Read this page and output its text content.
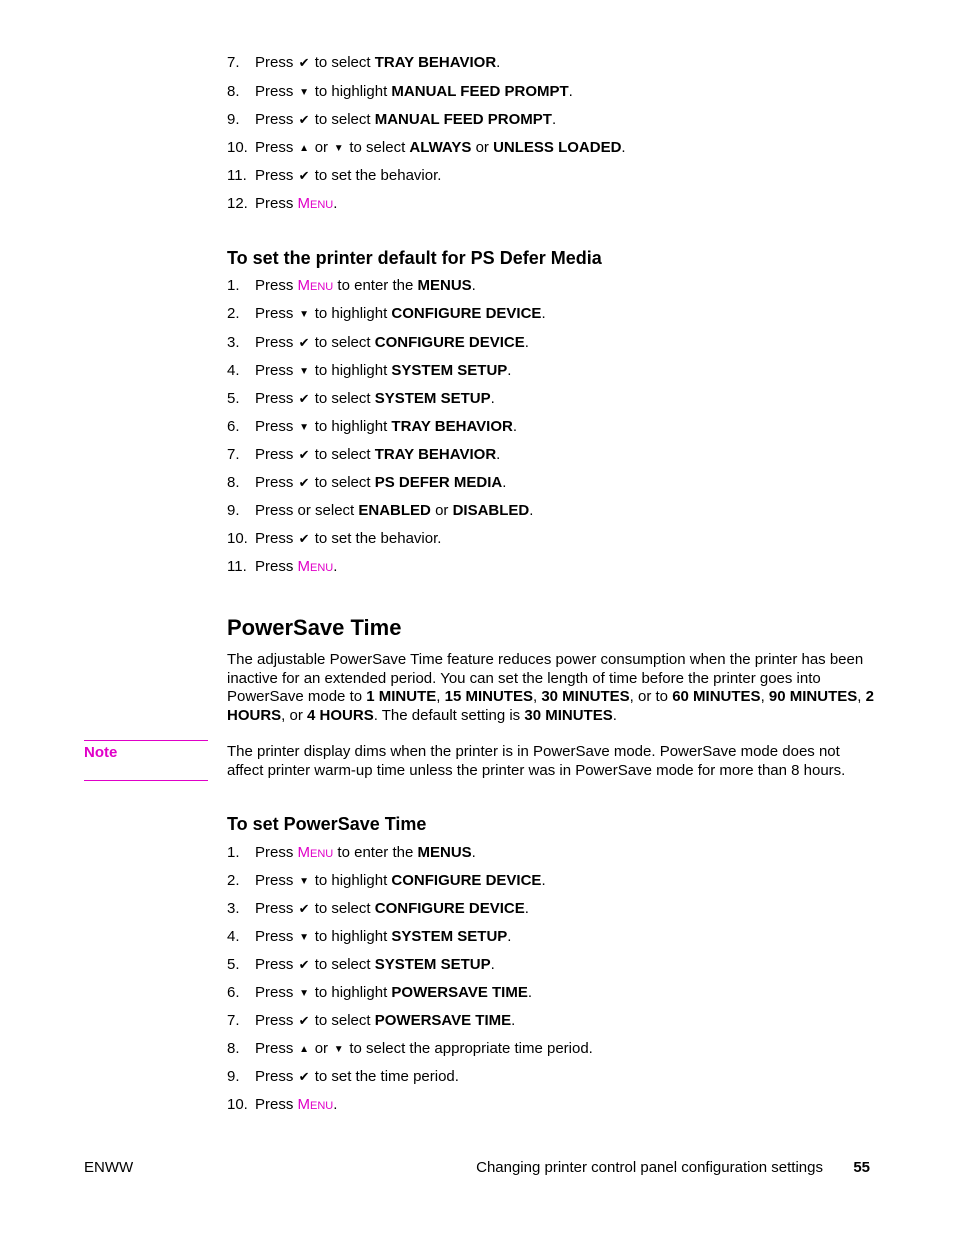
7. Press ✔ to select TRAY BEHAVIOR.
8. Press ▼ to highlight MANUAL FEED PROMPT.
9. Press ✔ to select MANUAL FEED PROMPT.
10. Press ▲ or ▼ to select ALWAYS or UNLESS LOADED.
11. Press ✔ to set the behavior.
12. Press Menu.
To set the printer default for PS Defer Media
1. Press Menu to enter the MENUS.
2. Press ▼ to highlight CONFIGURE DEVICE.
3. Press ✔ to select CONFIGURE DEVICE.
4. Press ▼ to highlight SYSTEM SETUP.
5. Press ✔ to select SYSTEM SETUP.
6. Press ▼ to highlight TRAY BEHAVIOR.
7. Press ✔ to select TRAY BEHAVIOR.
8. Press ✔ to select PS DEFER MEDIA.
9. Press or select ENABLED or DISABLED.
10. Press ✔ to set the behavior.
11. Press Menu.
PowerSave Time
The adjustable PowerSave Time feature reduces power consumption when the printer has been inactive for an extended period. You can set the length of time before the printer goes into PowerSave mode to 1 MINUTE, 15 MINUTES, 30 MINUTES, or to 60 MINUTES, 90 MINUTES, 2 HOURS, or 4 HOURS. The default setting is 30 MINUTES.
Note	The printer display dims when the printer is in PowerSave mode. PowerSave mode does not affect printer warm-up time unless the printer was in PowerSave mode for more than 8 hours.
To set PowerSave Time
1. Press Menu to enter the MENUS.
2. Press ▼ to highlight CONFIGURE DEVICE.
3. Press ✔ to select CONFIGURE DEVICE.
4. Press ▼ to highlight SYSTEM SETUP.
5. Press ✔ to select SYSTEM SETUP.
6. Press ▼ to highlight POWERSAVE TIME.
7. Press ✔ to select POWERSAVE TIME.
8. Press ▲ or ▼ to select the appropriate time period.
9. Press ✔ to set the time period.
10. Press Menu.
ENWW	Changing printer control panel configuration settings 55
